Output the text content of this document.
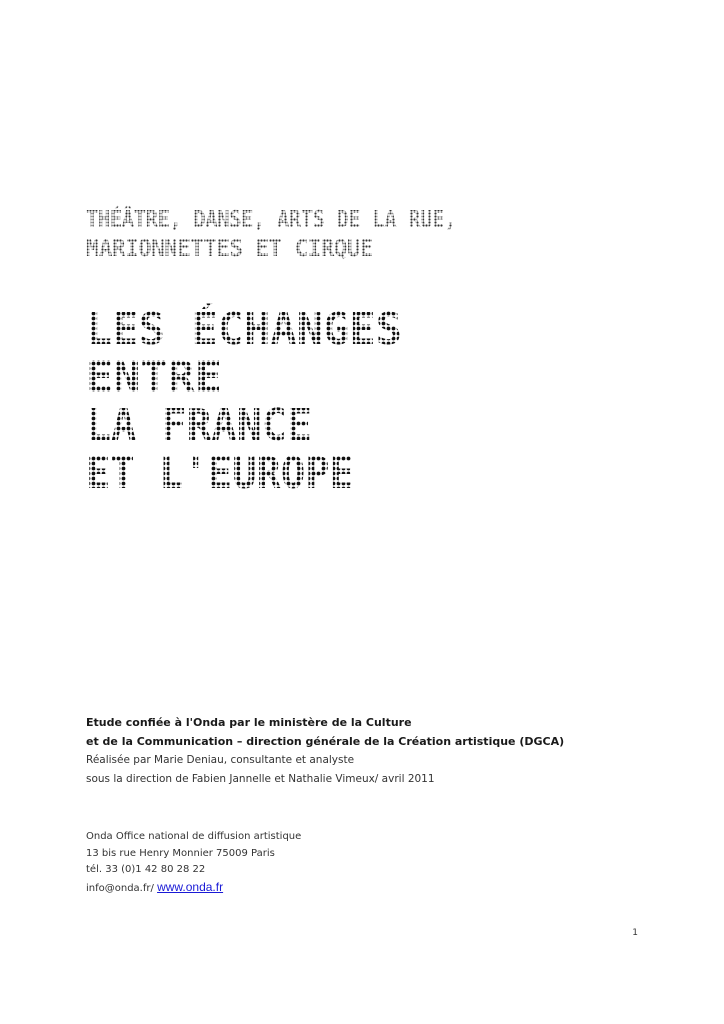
Etude confiée à l'Onda par le ministère de la Culture
et de la Communication – direction générale de la Création artistique (DGCA)
Réalisée par Marie Deniau, consultante et analyste
sous la direction de Fabien Jannelle et Nathalie Vimeux/ avril 2011
Onda Office national de diffusion artistique
13 bis rue Henry Monnier 75009 Paris
tél. 33 (0)1 42 80 28 22
info@onda.fr/ www.onda.fr
1
